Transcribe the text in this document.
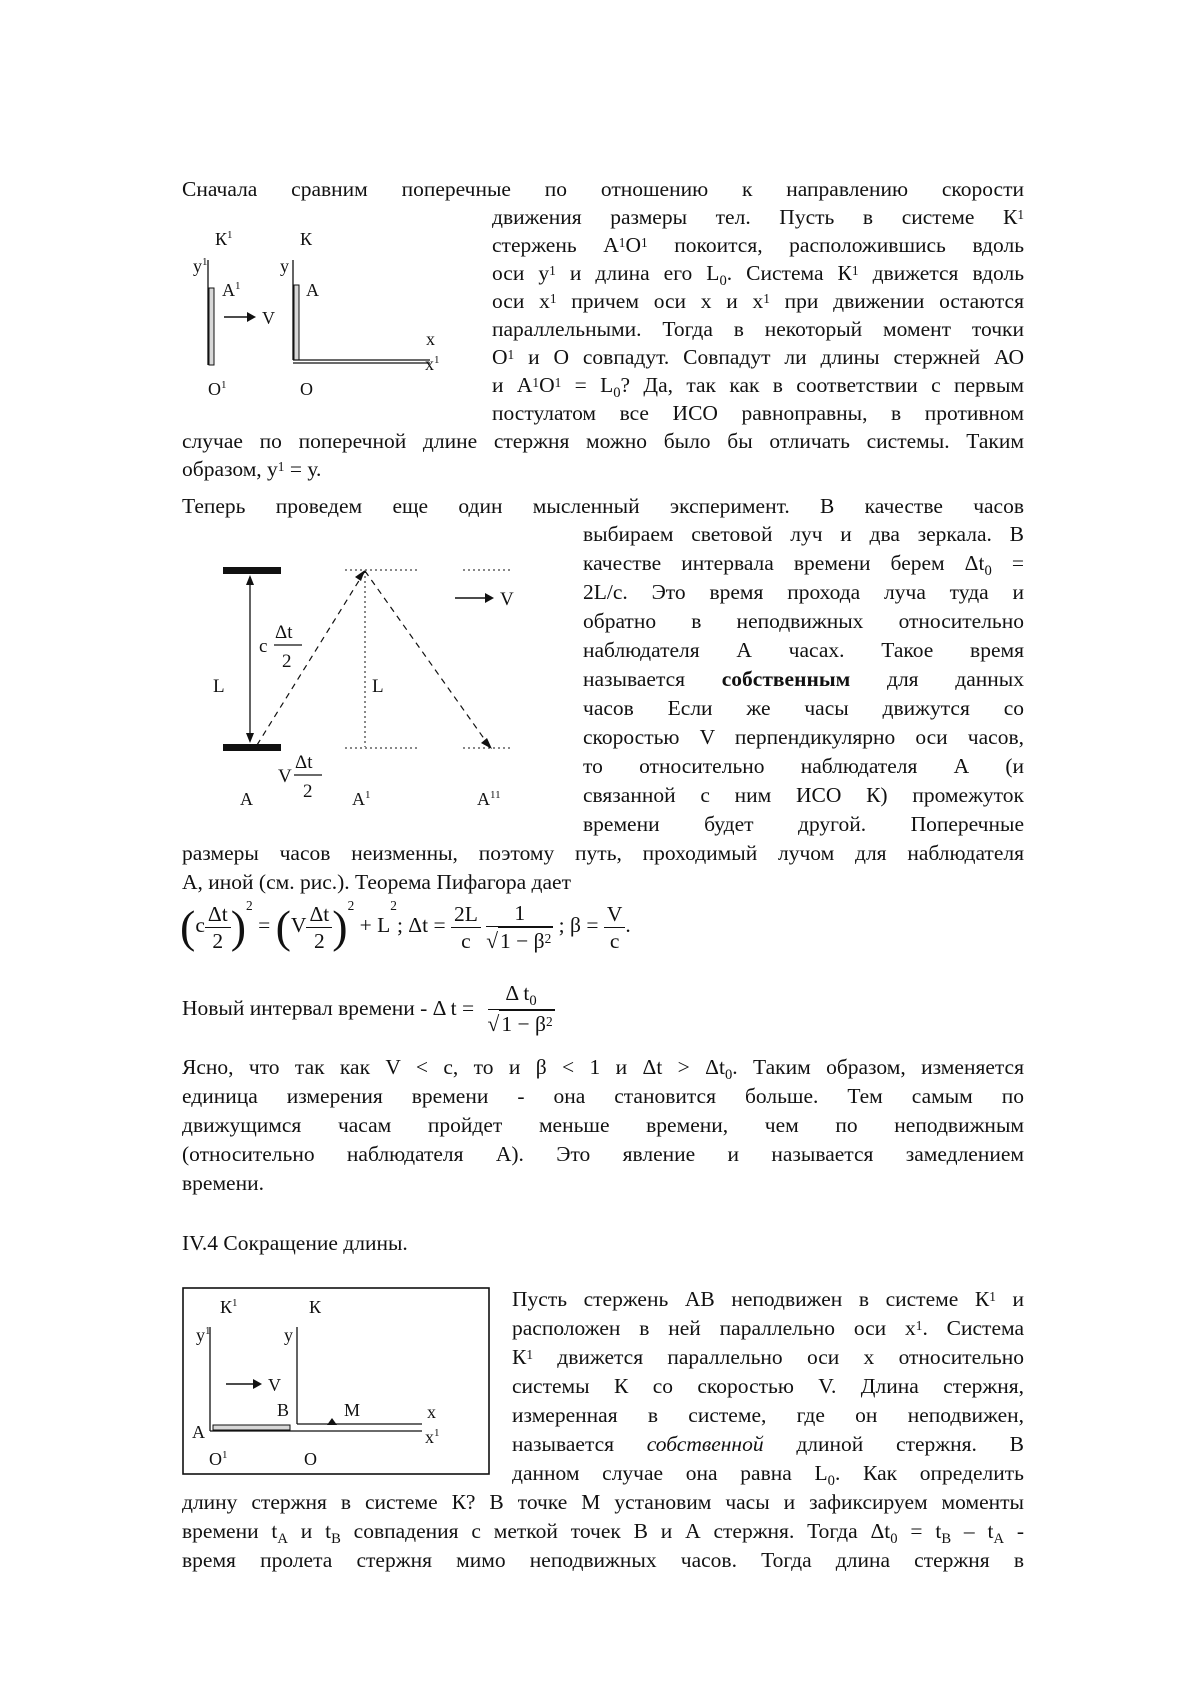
Сначала сравним поперечные по отношению к направлению скорости
движения размеры тел. Пусть в системе $К^1$
стержень $А^1О^1$ покоится, расположившись вдоль
оси $у^1$ и длина его $L_0$. Система $К^1$ движется вдоль
оси $х^1$ причем оси х и $х^1$ при движении остаются
параллельными. Тогда в некоторый момент точки
$О^1$ и О совпадут. Совпадут ли длины стержней АО
и $А^1О^1 = L_0$? Да, так как в соответствии с первым
постулатом все ИСО равноправны, в противном
случае по поперечной длине стержня можно было бы отличать системы. Таким
образом, $у^1 = у$.
$К^1$	К
$у^1$	у
$А^1$	А
V
х
$х^1$
$О^1$	О
Теперь проведем еще один мысленный эксперимент. В качестве часов
выбираем световой луч и два зеркала. В
качестве интервала времени берем $\Delta t_0$ =
2L/c. Это время прохода луча туда и
обратно в неподвижных относительно
наблюдателя А часах. Такое время
называется собственным для данных
часов Если же часы движутся со
скоростью V перпендикулярно оси часов,
то относительно наблюдателя А (и
связанной с ним ИСО К) промежуток
времени будет другой. Поперечные
размеры часов неизменны, поэтому путь, проходимый лучом для наблюдателя
А, иной (см. рис.). Теорема Пифагора дает
c
Δt
2
L	L
V
V
Δt
2
А	$А^1$	$А^{11}$
$(c \frac{\Delta t}{2} )^2 = (V \frac{\Delta t}{2} )^2 + L^2$; $\Delta t = \frac{2L}{c}$
$\frac{1}{√1 - \beta^2}$ ; $\beta = \frac{V}{c}$ .
Новый интервал времени - Δ $t = \frac{\Delta t_0}{√1 - \beta^2}$
Ясно, что так как V < c, то и β < 1 и $\Delta t > \Delta t_0$. Таким образом, изменяется
единица измерения времени - она становится больше. Тем самым по
движущимся часам пройдет меньше времени, чем по неподвижным
(относительно наблюдателя А). Это явление и называется замедлением
времени.
IV.4 Сокращение длины.
Пусть стержень АВ неподвижен в системе $К^1$ и
расположен в ней параллельно оси $х^1$. Система
$К^1$ движется параллельно оси х относительно
системы К со скоростью V. Длина стержня,
измеренная в системе, где он неподвижен,
называется собственной длиной стержня. В
данном случае она равна $L_0$. Как определить
длину стержня в системе К? В точке М установим часы и зафиксируем моменты
времени $t_A$ и $t_B$ совпадения с меткой точек В и А стержня. Тогда $\Delta t_0 = t_B - t_A$ -
время пролета стержня мимо неподвижных часов. Тогда длина стержня в
$К^1$	К
$у^1$	у
V
В	М	х
$х^1$
А
$О^1$	О
